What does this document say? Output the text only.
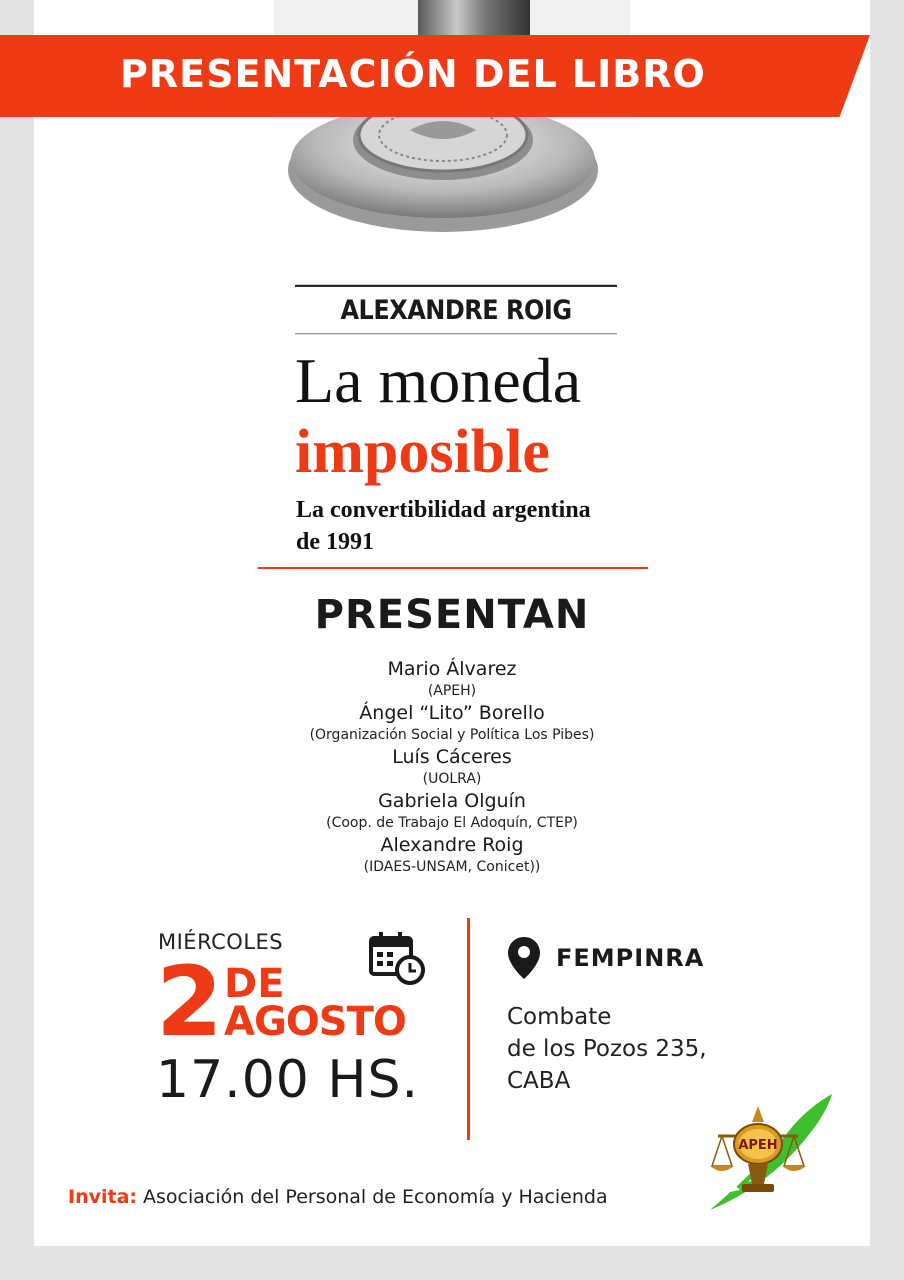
PRESENTACIÓN DEL LIBRO
ALEXANDRE ROIG
La moneda
imposible
La convertibilidad argentina
de 1991
PRESENTAN
Mario Álvarez
(APEH)
Ángel “Lito” Borello
(Organización Social y Política Los Pibes)
Luís Cáceres
(UOLRA)
Gabriela Olguín
(Coop. de Trabajo El Adoquín, CTEP)
Alexandre Roig
(IDAES-UNSAM, Conicet))
MIÉRCOLES
2 DE
AGOSTO
17.00 HS.
FEMPINRA
Combate
de los Pozos 235,
CABA
APEH
Invita: Asociación del Personal de Economía y Hacienda
